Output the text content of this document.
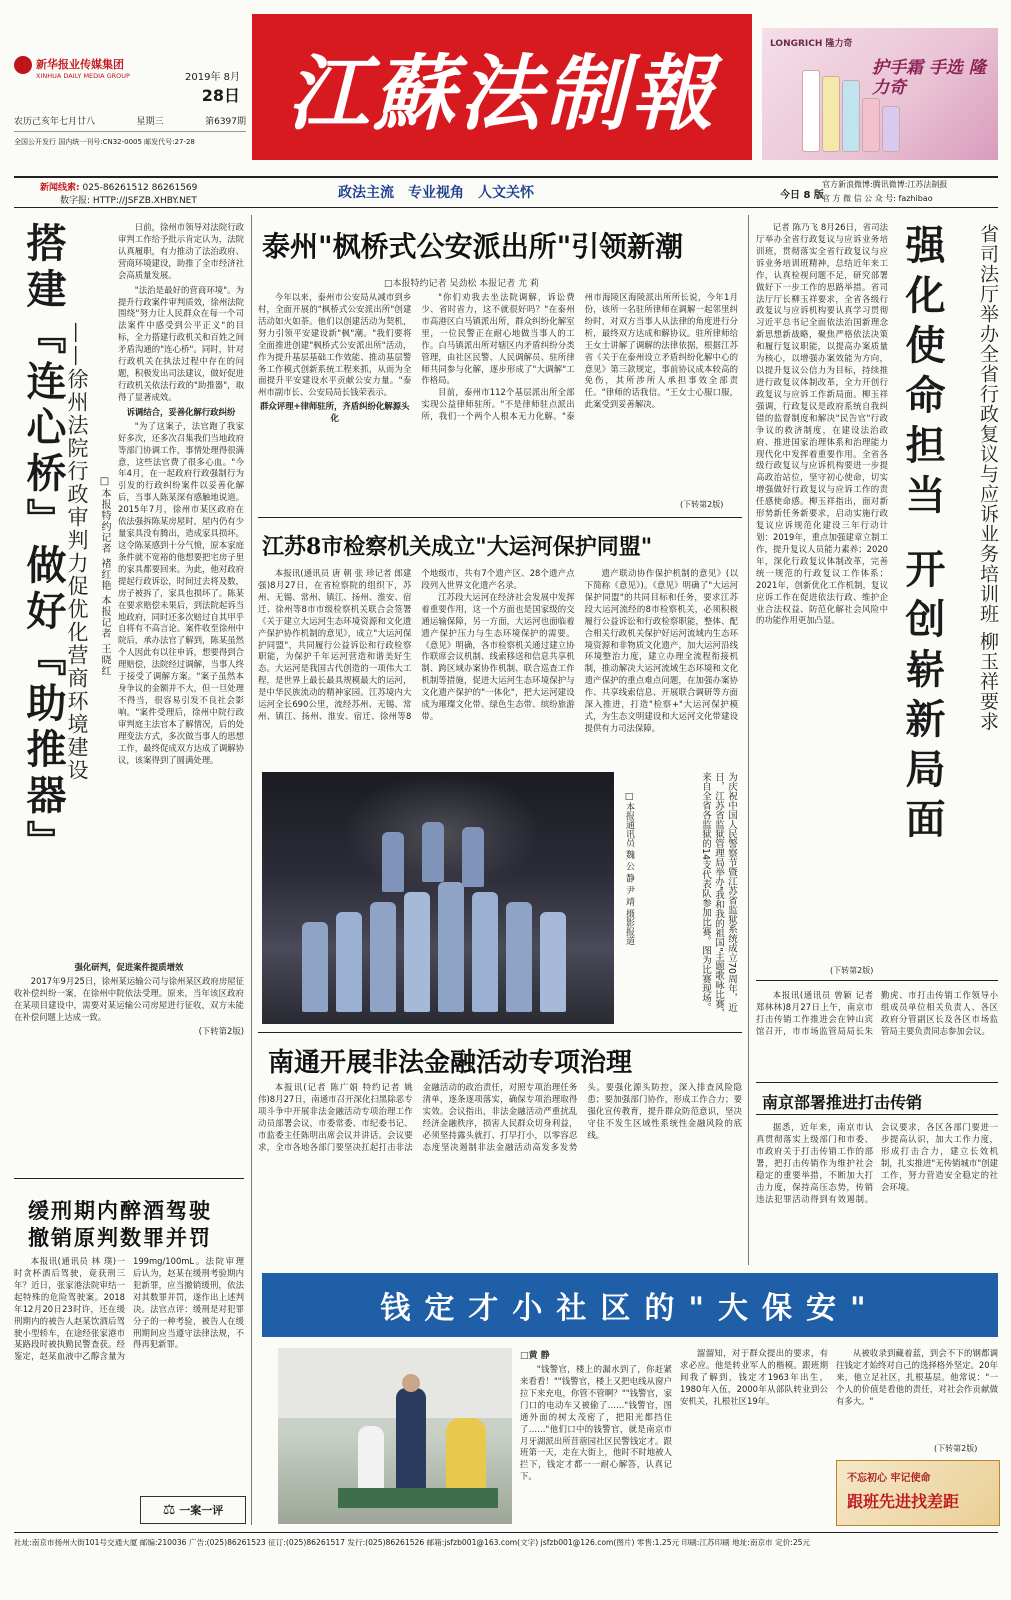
新华报业传媒集团
XINHUA DAILY MEDIA GROUP	2019年 8月
28日
农历己亥年七月廿八	星期三	第6397期
全国公开发行 国内统一刊号:CN32-0005 邮发代号:27-28
江蘇法制報
LONGRICH 隆力奇
护手霜 手选 隆力奇
新闻线索: 025-86261512 86261569
数字报: HTTP://JSFZB.XHBY.NET	政法主流 专业视角 人文关怀	今日 8 版
官方新浪微博:腾讯微博:江苏法制报
官 方 微 信 公 众 号: fazhibao
搭建『连心桥』做好『助推器』
——徐州法院行政审判力促优化营商环境建设 □本报特约记者 褚红艳 本报记者 王晓红

日前，徐州市领导对法院行政审判工作给予批示肯定认为，法院认真履职，有力推动了法治政府、营商环境建设，助推了全市经济社会高质量发展。

"法治是最好的营商环境"。为提升行政案件审判质效，徐州法院围绕"努力让人民群众在每一个司法案件中感受到公平正义"的目标，全力搭建行政机关和百姓之间矛盾沟通的"连心桥"。同时，针对行政机关在执法过程中存在的问题，积极发出司法建议，做好促进行政机关依法行政的"助推器"，取得了显著成效。

诉调结合，妥善化解行政纠纷

"为了这案子，法官跑了我家好多次，还多次召集我们当地政府等部门协调工作，事情处理得很满意，这些法官费了很多心血。"今年4月，在一起政府行政强制行为引发的行政纠纷案件以妥善化解后，当事人陈某深有感触地说道。2015年7月，徐州市某区政府在依法强拆陈某房屋时，屋内仍有少量家具没有腾出，造成家具损坏。这令陈某感到十分气愤，原本家庭条件就不宽裕的他想要把宅房子里的家具都要回来。为此，他对政府提起行政诉讼，时间过去将及数，房子被拆了，家具也损坏了。陈某在要求赔偿未果后，到法院起诉当地政府，同时还多次赔过自其甲乎自将有不高言论。案件收至徐州中院后，承办法官了解到，陈某虽然个人因此有以往申诉，想要得到合理赔偿，法院经过调解，当事人终于接受了调解方案。"案子虽然本身争议的金额并不大，但一旦处理不得当，很容易引发不良社会影响。"案件受理后，徐州中院行政审判庭主法官本了解情况，后的处理变法方式，多次做当事人的思想工作，最终促成双方达成了调解协议，该案得到了圆满处理。

强化研判，促进案件提质增效

2017年9月25日，徐州某运输公司与徐州某区政府房屋征收补偿纠纷一案，在徐州中院依法受理。原来，当年该区政府在某项目建设中，需要对某运输公司房屋进行征收，双方未能在补偿问题上达成一致。

(下转第2版)

缓刑期内醉酒驾驶
撤销原判数罪并罚
本报讯(通讯员 林 璞)一时贪杯酒后驾驶，竟获刑三年？近日，张家港法院审结一起特殊的危险驾驶案。2018年12月20日23时许，还在缓刑期内的被告人赵某饮酒后驾驶小型轿车，在途经张家港市某路段时被执勤民警查获。经鉴定，赵某血液中乙醇含量为199mg/100mL。法院审理后认为，赵某在缓刑考验期内犯新罪，应当撤销缓刑，依法对其数罪并罚，遂作出上述判决。法官点评：缓刑是对犯罪分子的一种考验，被告人在缓刑期间应当遵守法律法规，不得再犯新罪。
⚖ 一案一评
泰州"枫桥式公安派出所"引领新潮
□本报特约记者 吴劲松 本报记者 尤 莉

今年以来，泰州市公安局从减市到乡村，全面开展的"枫桥式公安派出所"创建活动如火如荼。他们以创建活动为契机，努力引领平安建设新"枫"潮。"我们要将全面推进创建"枫桥式公安派出所"活动，作为提升基层基础工作效能、推动基层警务工作模式创新系统工程来抓，从而为全面提升平安建设水平贡献公安力量。"泰州市副市长、公安局局长钱荣表示。

群众评理+律师驻所，齐盾纠纷化解源头化

"你们劝我去坐法院调解，诉讼费少、省时省力，这不就很好吗？"在泰州市高港区白马镇派出所，群众纠纷化解室里，一位民警正在耐心地做当事人的工作。白马镇派出所对辖区内矛盾纠纷分类管理，由社区民警、人民调解员、驻所律师共同参与化解，逐步形成了"大调解"工作格局。

目前，泰州市112个基层派出所全部实现公益律师驻所。"不是律师驻点派出所，我们一个两个人根本无力化解。"泰州市海陵区海陵派出所所长说，今年1月份，该所一名驻所律师在调解一起邻里纠纷时，对双方当事人从法律的角度进行分析，最终双方达成和解协议。驻所律师给王女士讲解了调解的法律依据，根据江苏省《关于在泰州设立矛盾纠纷化解中心的意见》第三款规定，事前协议成本较高的免伤，其所涉所人承担事效全部责任。"律师的话我信。"王女士心服口服，此案受到妥善解决。

(下转第2版)
江苏8市检察机关成立"大运河保护同盟"

本报讯(通讯员 唐 朝 张 珍记者 郎建强)8月27日，在省检察院的组织下，苏州、无锡、常州、镇江、扬州、淮安、宿迁、徐州等8市市级检察机关联合会签署《关于建立大运河生态环境资源和文化遗产保护协作机制的意见》，成立"大运河保护同盟"，共同履行公益诉讼和行政检察职能，为保护千年运河营造和谐美好生态。大运河是我国古代创造的一项伟大工程，是世界上最长最具规模最大的运河，是中华民族流动的精神家园。江苏境内大运河全长690公里，流经苏州、无锡、常州、镇江、扬州、淮安、宿迁、徐州等8个地级市，共有7个遗产区、28个遗产点段列入世界文化遗产名录。

江苏段大运河在经济社会发展中发挥着重要作用，这一个方面也是国家级的交通运输保障，另一方面，大运河也面临着遗产保护压力与生态环境保护的需要。《意见》明确，各市检察机关通过建立协作联席会议机制、线索移送和信息共享机制、跨区域办案协作机制、联合巡查工作机制等措施，促进大运河生态环境保护与文化遗产保护的"一体化"，把大运河建设成为璀璨文化带、绿色生态带、缤纷旅游带。

遗产联动协作保护机制的意见》(以下简称《意见》)。《意见》明确了"大运河保护同盟"的共同目标和任务，要求江苏段大运河流经的8市检察机关，必须积极履行公益诉讼和行政检察职能，整体、配合相关行政机关保护好运河流域内生态环境资源和非物质文化遗产，加大运河沿线环境整治力度，建立办理全流程衔接机制，推动解决大运河流域生态环境和文化遗产保护的重点难点问题，在加强办案协作、共享线索信息、开展联合调研等方面深入推进，打造"检察+"大运河保护模式，为生态文明建设和大运河文化带建设提供有力司法保障。

为庆祝中国人民警察节暨江苏省监狱系统成立70周年，近日，江苏省监狱管理局举办"我和我的祖国"主题歌咏比赛，来自全省各监狱的14支代表队参加比赛。图为比赛现场。
□本报通讯员 魏 公 静 尹 靖 摄影报道
南通开展非法金融活动专项治理
本报讯(记者 陈广娟 特约记者 姚 伟)8月27日，南通市召开深化扫黑除恶专项斗争中开展非法金融活动专项治理工作动员部署会议，市委常委、市纪委书记、市监委主任陈明出席会议并讲话。会议要求，全市各地各部门要坚决扛起打击非法金融活动的政治责任，对照专项治理任务清单，逐条逐项落实，确保专项治理取得实效。会议指出，非法金融活动严重扰乱经济金融秩序，损害人民群众切身利益，必须坚持露头就打、打早打小，以零容忍态度坚决遏制非法金融活动高发多发势头。要强化源头防控，深入排查风险隐患；要加强部门协作，形成工作合力；要强化宣传教育，提升群众防范意识，坚决守住不发生区域性系统性金融风险的底线。
记者 陈乃飞 8月26日，省司法厅举办全省行政复议与应诉业务培训班，贯彻落实全省行政复议与应诉业务培训班精神，总结近年来工作，认真检视问题不足，研究部署做好下一步工作的思路举措。省司法厅厅长柳玉祥要求，全省各级行政复议与应诉机构要认真学习贯彻习近平总书记全面依法治国新理念新思想新战略，聚焦严格依法决策和履行复议职能，以提高办案质量为核心，以增强办案效能为方向，以提升复议公信力为目标，持续推进行政复议体制改革，全力开创行政复议与应诉工作新局面。柳玉祥强调，行政复议是政府系统自我纠错的监督制度和解决"民告官"行政争议的救济制度，在建设法治政府、推进国家治理体系和治理能力现代化中发挥着重要作用。全省各级行政复议与应诉机构要进一步提高政治站位，坚守初心使命，切实增强做好行政复议与应诉工作的责任感使命感。柳玉祥指出，面对新形势新任务新要求，启动实施行政复议应诉规范化建设三年行动计划：2019年，重点加强建章立制工作，提升复议人员能力素养；2020年，深化行政复议体制改革，完善统一规范的行政复议工作体系；2021年，创新优化工作机制，复议应诉工作在促进依法行政、维护企业合法权益、防范化解社会风险中的功能作用更加凸显。	强化使命担当 开创崭新局面	省司法厅举办全省行政复议与应诉业务培训班 柳玉祥要求
(下转第2版)
本报讯(通讯员 曾颖 记者 郑林林)8月27日上午，南京市打击传销工作推进会在钟山宾馆召开，市市场监管局局长朱勤虎、市打击传销工作领导小组成员单位相关负责人、各区政府分管副区长及各区市场监管局主要负责同志参加会议。
南京部署推进打击传销
据悉，近年来，南京市认真贯彻落实上级部门和市委、市政府关于打击传销工作的部署，把打击传销作为维护社会稳定的重要举措，不断加大打击力度，保持高压态势，传销违法犯罪活动得到有效遏制。会议要求，各区各部门要进一步提高认识，加大工作力度，形成打击合力，建立长效机制，扎实推进"无传销城市"创建工作，努力营造安全稳定的社会环境。
钱定才小社区的"大保安"
□黄 静
"钱警官，楼上的漏水到了，你赶紧来看看！""钱警官，楼上又把电线从窗户拉下来充电，你管不管啊？""钱警官，家门口的电动车又被偷了……"钱警官，图通外面的树太茂密了，把阳光都挡住了……"他们口中的钱警官，就是南京市月牙湖派出所苜蓿园社区民警钱定才。跟班第一天，走在大街上，他时不时地被人拦下，钱定才都一一耐心解答，认真记下。
溜溜知，对于群众提出的要求，有求必应。他是转业军人的楷模。跟班期间我了解到，钱定才1963年出生，1980年入伍，2000年从部队转业到公安机关，扎根社区19年。
从被收录到藏着蓝，到会不下的钢都调往钱定才始终对自己的选择格外坚定。20年来，他立足社区，扎根基层。他常说："一个人的价值是看他的责任，对社会作贡献做有多大。"
(下转第2版)
不忘初心 牢记使命
跟班先进找差距
社址:南京市扬州大街101号交通大厦 邮编:210036 广告:(025)86261523 征订:(025)86261517 发行:(025)86261526 邮箱:jsfzb001@163.com(文字) jsfzb001@126.com(图片) 零售:1.25元 印刷:江苏印刷 地址:南京市 定价:25元
